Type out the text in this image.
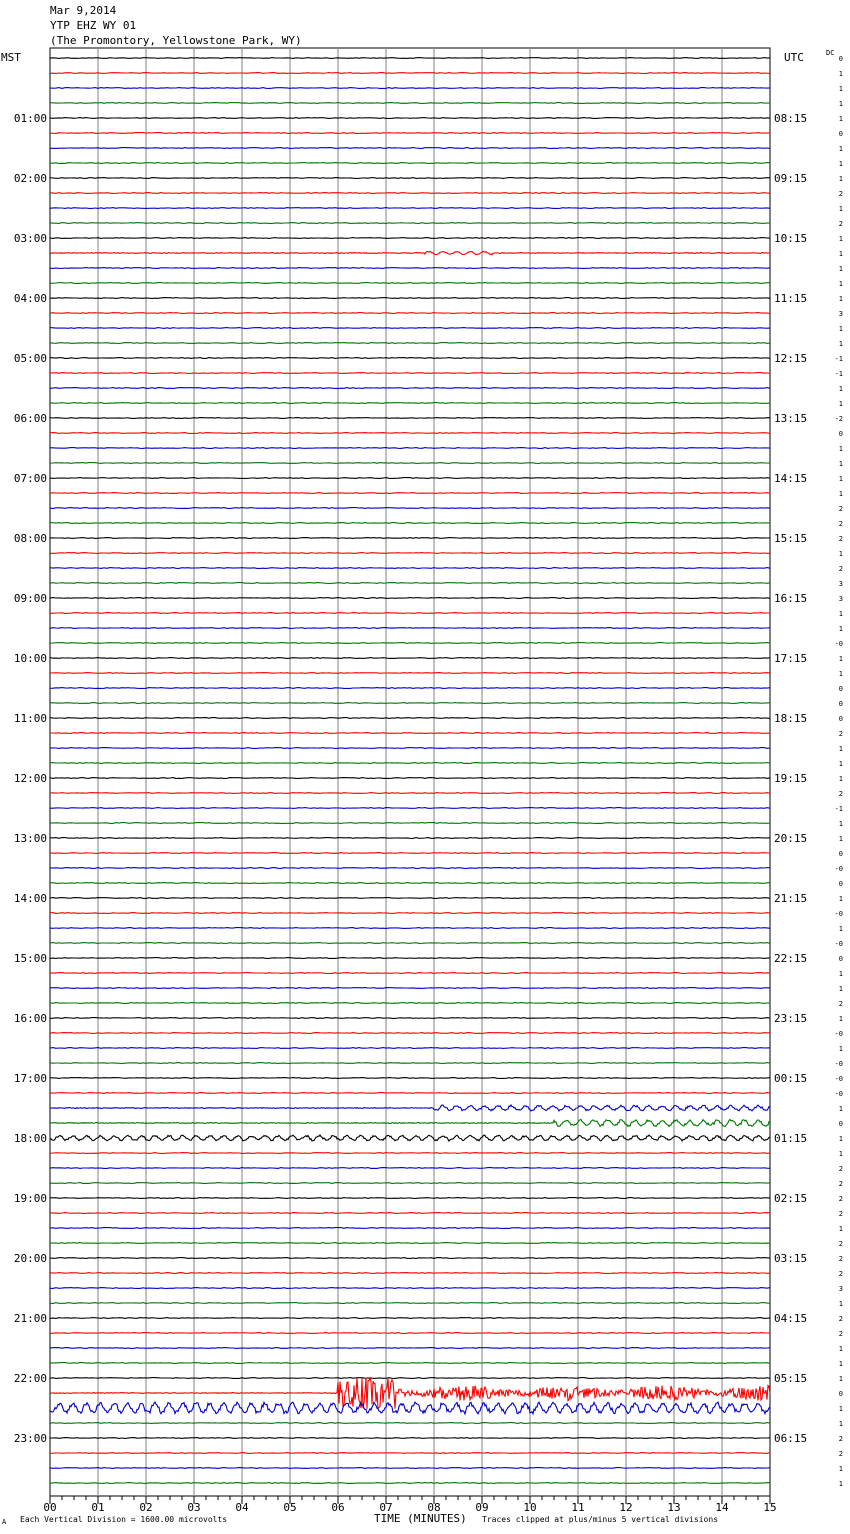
Mar 9,2014
YTP EHZ WY 01
(The Promontory, Yellowstone Park, WY)
MST	UTC	DC
0
1
1
1
1
0
1
1
1
2
1
2
1
1
1
1
1
3
1
1
-1
-1
1
1
-2
0
1
1
1
1
2
2
2
1
2
3
3
1
1
-0
1
1
0
0
0
2
1
1
1
2
-1
1
1
0
-0
0
1
-0
1
-0
0
1
1
2
1
-0
1
-0
-0
-0
1
0
1
1
2
2
2
2
1
2
2
2
3
1
2
2
1
1
1
0
1
1
2
2
1
1
01:00	08:15
02:00	09:15
03:00	10:15
04:00	11:15
05:00	12:15
06:00	13:15
07:00	14:15
08:00	15:15
09:00	16:15
10:00	17:15
11:00	18:15
12:00	19:15
13:00	20:15
14:00	21:15
15:00	22:15
16:00	23:15
17:00	00:15
18:00	01:15
19:00	02:15
20:00	03:15
21:00	04:15
22:00	05:15
23:00	06:15
00	01	02	03	04	05	06	07	08	09	10	11	12	13	14	15
A Each Vertical Division = 1600.00 microvolts	TIME (MINUTES) Traces clipped at plus/minus 5 vertical divisions
